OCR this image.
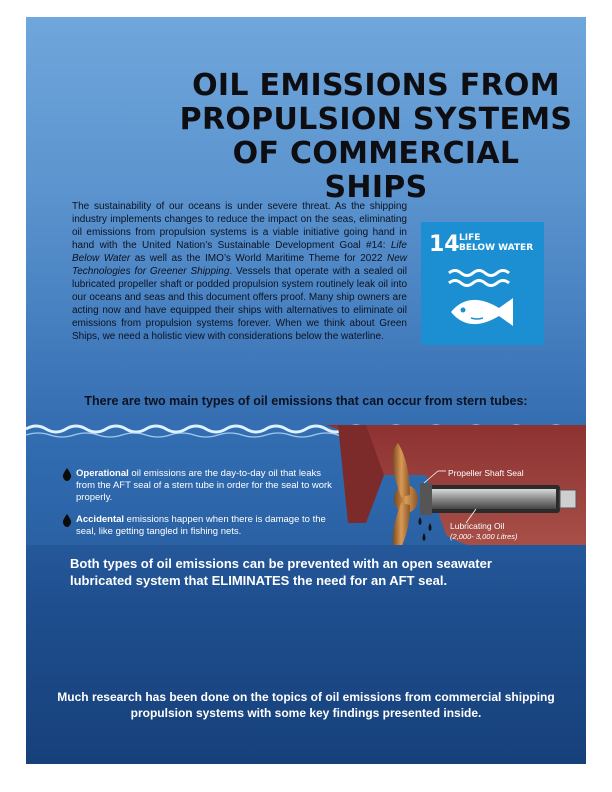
OIL EMISSIONS FROM
PROPULSION SYSTEMS
OF COMMERCIAL SHIPS
The sustainability of our oceans is under severe threat. As the shipping industry implements changes to reduce the impact on the seas, eliminating oil emissions from propulsion systems is a viable initiative going hand in hand with the United Nation’s Sustainable Development Goal #14: Life Below Water as well as the IMO’s World Maritime Theme for 2022 New Technologies for Greener Shipping. Vessels that operate with a sealed oil lubricated propeller shaft or podded propulsion system routinely leak oil into our oceans and seas and this document offers proof. Many ship owners are acting now and have equipped their ships with alternatives to eliminate oil emissions from propulsion systems forever. When we think about Green Ships, we need a holistic view with considerations below the waterline.
14 LIFE
BELOW WATER
There are two main types of oil emissions that can occur from stern tubes:
Propeller Shaft Seal
Lubricating Oil
(2,000- 3,000 Litres)
Operational oil emissions are the day-to-day oil that leaks from the AFT seal of a stern tube in order for the seal to work properly.
Accidental emissions happen when there is damage to the seal, like getting tangled in fishing nets.
Both types of oil emissions can be prevented with an open seawater lubricated system that ELIMINATES the need for an AFT seal.
Much research has been done on the topics of oil emissions from commercial shipping propulsion systems with some key findings presented inside.
